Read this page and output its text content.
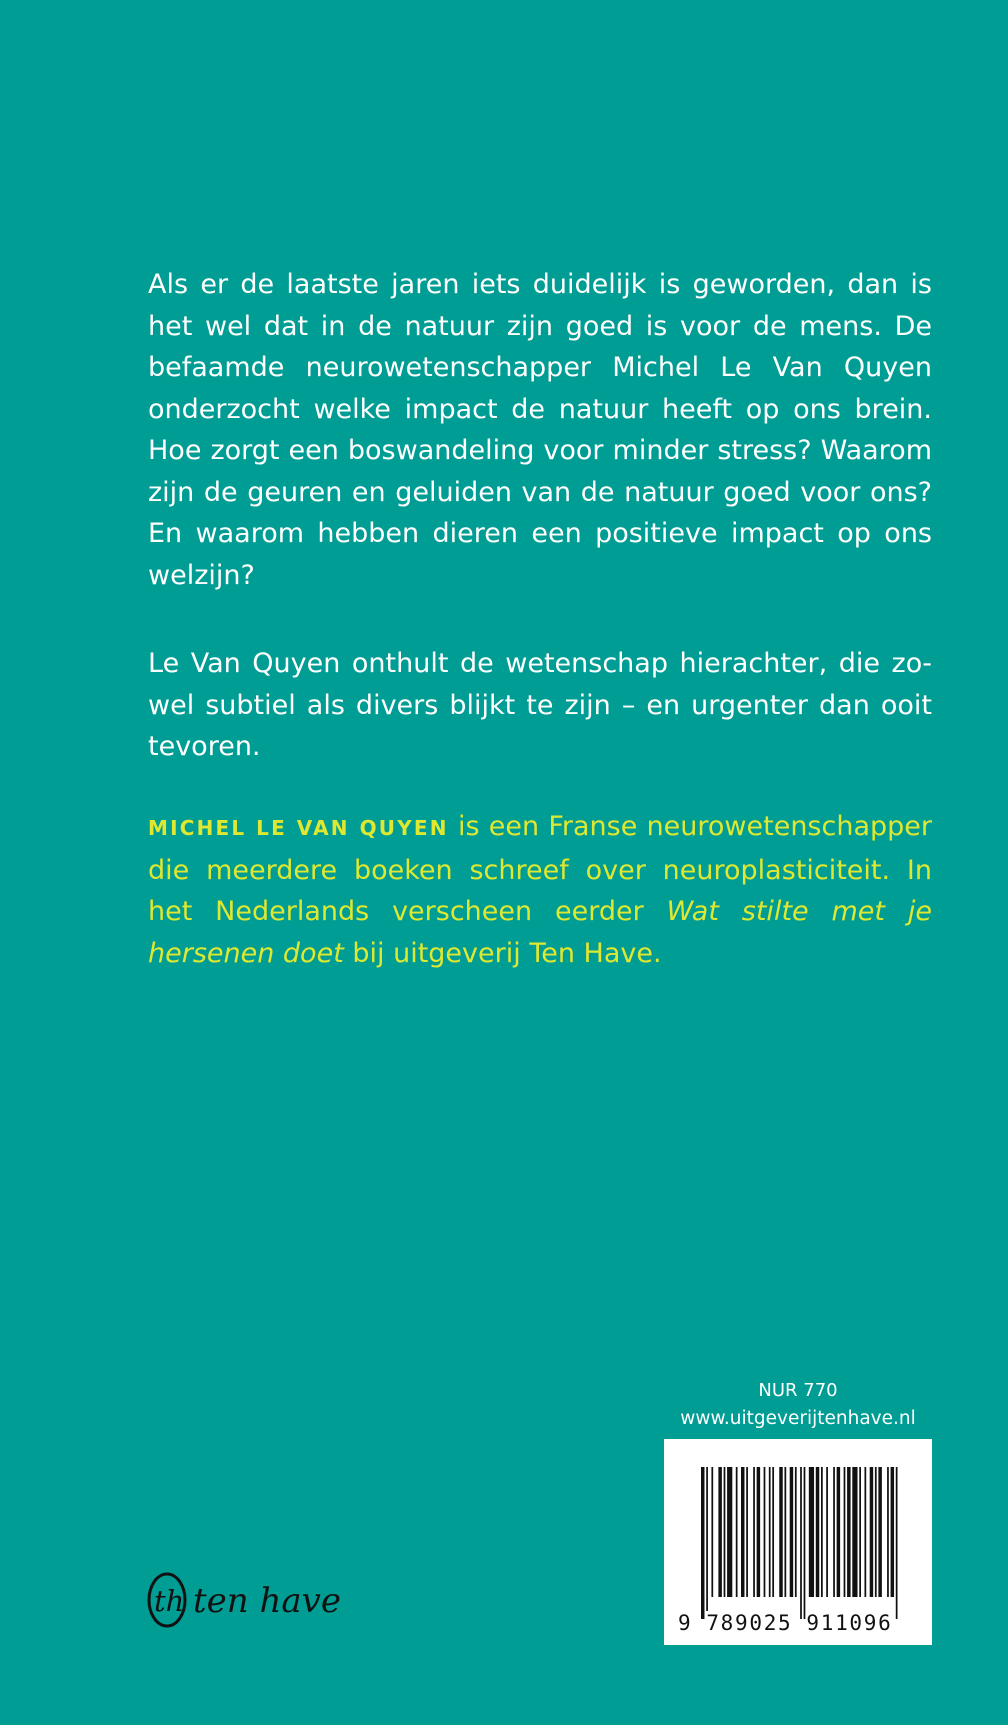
Als er de laatste jaren iets duidelijk is geworden, dan is het wel dat in de natuur zijn goed is voor de mens. De befaamde neurowetenschapper Michel Le Van Quyen onderzocht welke impact de natuur heeft op ons brein. Hoe zorgt een boswandeling voor minder stress? Waarom zijn de geuren en geluiden van de natuur goed voor ons? En waarom hebben dieren een positieve impact op ons welzijn?

Le Van Quyen onthult de wetenschap hierachter, die zowel subtiel als divers blijkt te zijn – en urgenter dan ooit tevoren.

MICHEL LE VAN QUYEN is een Franse neurowetenschapper die meerdere boeken schreef over neuroplasticiteit. In het Nederlands verscheen eerder Wat stilte met je hersenen doet bij uitgeverij Ten Have.

th ten have

NUR 770

www.uitgeverijtenhave.nl

9 789025 911096
